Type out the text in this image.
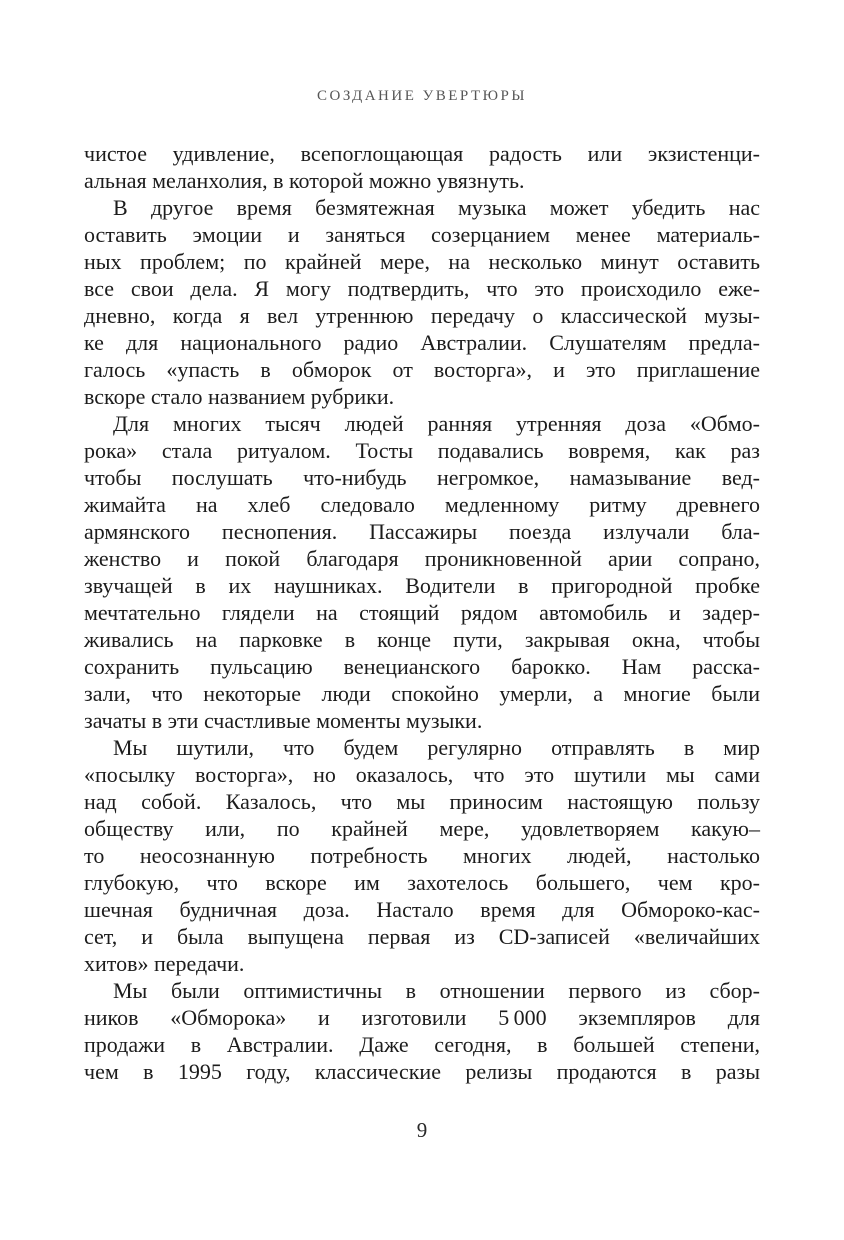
СОЗДАНИЕ УВЕРТЮРЫ
чистое удивление, всепоглощающая радость или экзистенци-
альная меланхолия, в которой можно увязнуть.
В другое время безмятежная музыка может убедить нас
оставить эмоции и заняться созерцанием менее материаль-
ных проблем; по крайней мере, на несколько минут оставить
все свои дела. Я могу подтвердить, что это происходило еже-
дневно, когда я вел утреннюю передачу о классической музы-
ке для национального радио Австралии. Слушателям предла-
галось «упасть в обморок от восторга», и это приглашение
вскоре стало названием рубрики.
Для многих тысяч людей ранняя утренняя доза «Обмо-
рока» стала ритуалом. Тосты подавались вовремя, как раз
чтобы послушать что-нибудь негромкое, намазывание вед-
жимайта на хлеб следовало медленному ритму древнего
армянского песнопения. Пассажиры поезда излучали бла-
женство и покой благодаря проникновенной арии сопрано,
звучащей в их наушниках. Водители в пригородной пробке
мечтательно глядели на стоящий рядом автомобиль и задер-
живались на парковке в конце пути, закрывая окна, чтобы
сохранить пульсацию венецианского барокко. Нам расска-
зали, что некоторые люди спокойно умерли, а многие были
зачаты в эти счастливые моменты музыки.
Мы шутили, что будем регулярно отправлять в мир
«посылку восторга», но оказалось, что это шутили мы сами
над собой. Казалось, что мы приносим настоящую пользу
обществу или, по крайней мере, удовлетворяем какую–
то неосознанную потребность многих людей, настолько
глубокую, что вскоре им захотелось большего, чем кро-
шечная будничная доза. Настало время для Обмороко-кас-
сет, и была выпущена первая из CD-записей «величайших
хитов» передачи.
Мы были оптимистичны в отношении первого из сбор-
ников «Обморока» и изготовили 5 000 экземпляров для
продажи в Австралии. Даже сегодня, в большей степени,
чем в 1995 году, классические релизы продаются в разы
9
